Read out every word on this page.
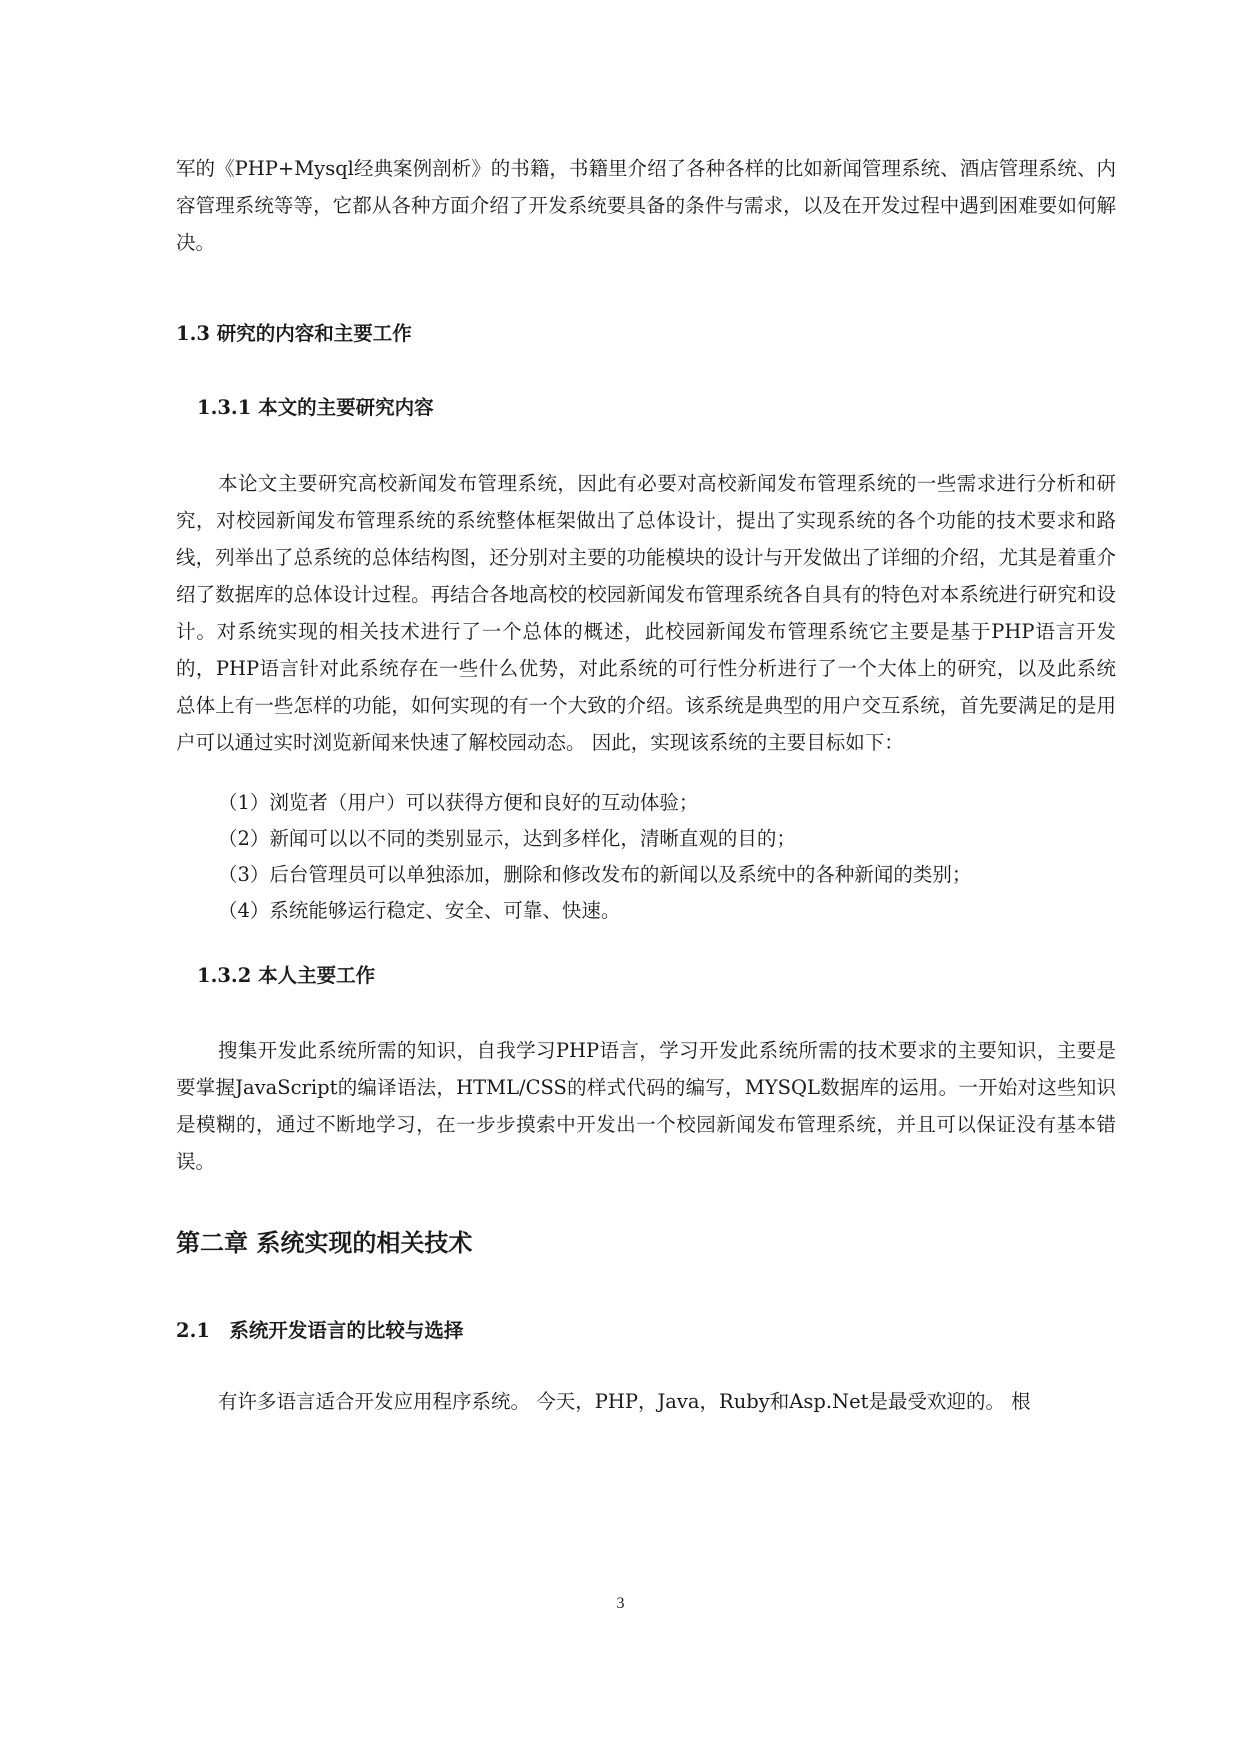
军的《PHP+Mysql经典案例剖析》的书籍，书籍里介绍了各种各样的比如新闻管理系统、酒店管理系统、内容管理系统等等，它都从各种方面介绍了开发系统要具备的条件与需求，以及在开发过程中遇到困难要如何解决。

1.3 研究的内容和主要工作
1.3.1 本文的主要研究内容

本论文主要研究高校新闻发布管理系统，因此有必要对高校新闻发布管理系统的一些需求进行分析和研究，对校园新闻发布管理系统的系统整体框架做出了总体设计，提出了实现系统的各个功能的技术要求和路线，列举出了总系统的总体结构图，还分别对主要的功能模块的设计与开发做出了详细的介绍，尤其是着重介绍了数据库的总体设计过程。再结合各地高校的校园新闻发布管理系统各自具有的特色对本系统进行研究和设计。对系统实现的相关技术进行了一个总体的概述，此校园新闻发布管理系统它主要是基于PHP语言开发的，PHP语言针对此系统存在一些什么优势，对此系统的可行性分析进行了一个大体上的研究，以及此系统总体上有一些怎样的功能，如何实现的有一个大致的介绍。该系统是典型的用户交互系统，首先要满足的是用户可以通过实时浏览新闻来快速了解校园动态。 因此，实现该系统的主要目标如下：

（1）浏览者（用户）可以获得方便和良好的互动体验；

（2）新闻可以以不同的类别显示，达到多样化，清晰直观的目的；

（3）后台管理员可以单独添加，删除和修改发布的新闻以及系统中的各种新闻的类别；

（4）系统能够运行稳定、安全、可靠、快速。

1.3.2 本人主要工作

搜集开发此系统所需的知识，自我学习PHP语言，学习开发此系统所需的技术要求的主要知识，主要是要掌握JavaScript的编译语法，HTML/CSS的样式代码的编写，MYSQL数据库的运用。一开始对这些知识是模糊的，通过不断地学习，在一步步摸索中开发出一个校园新闻发布管理系统，并且可以保证没有基本错误。

第二章 系统实现的相关技术
2.1　系统开发语言的比较与选择

有许多语言适合开发应用程序系统。 今天，PHP，Java，Ruby和Asp.Net是最受欢迎的。 根

3
